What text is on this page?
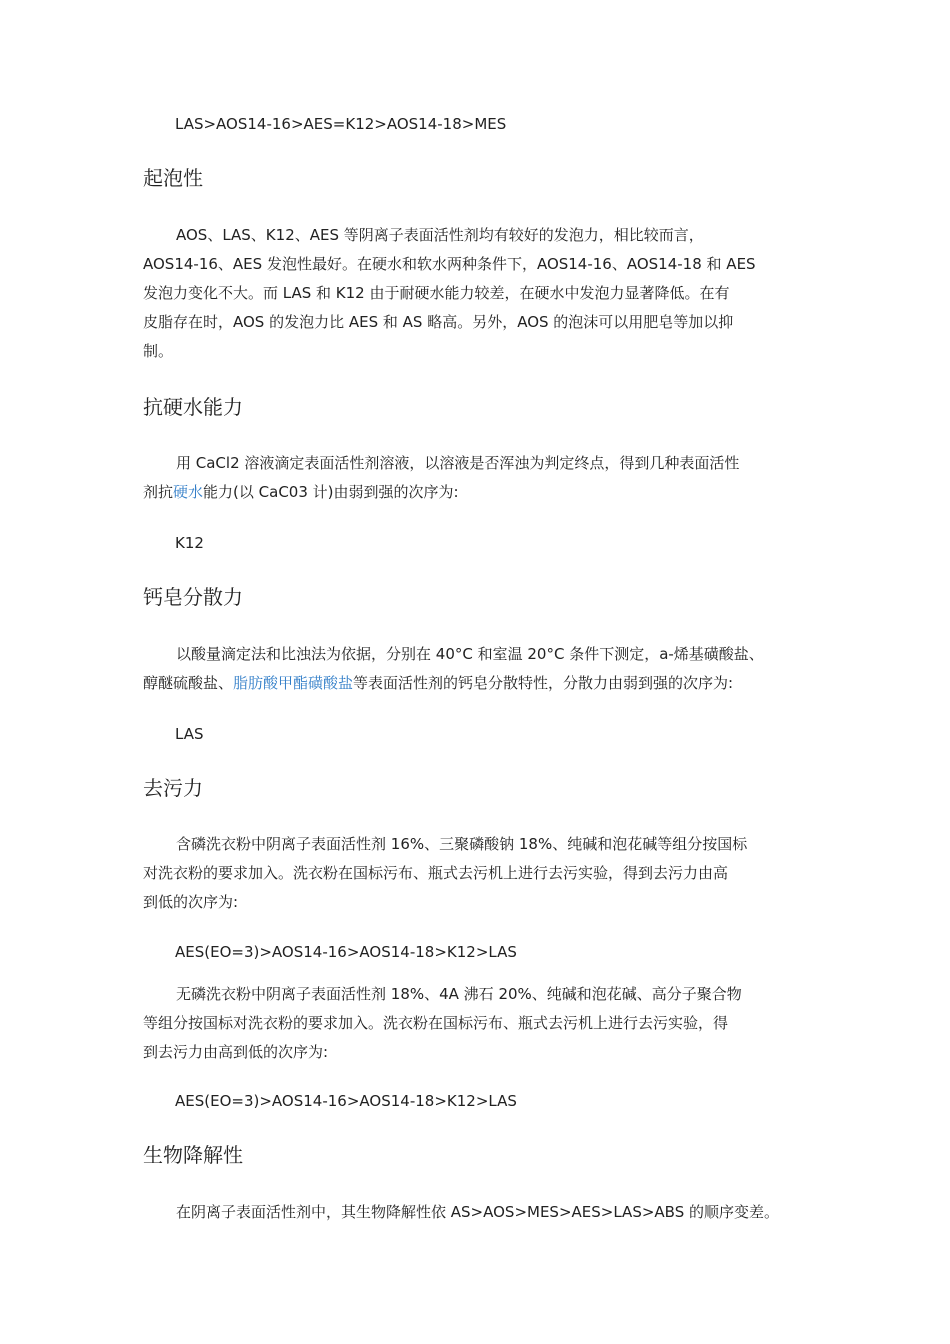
LAS>AOS14-16>AES=K12>AOS14-18>MES
起泡性
AOS、LAS、K12、AES 等阴离子表面活性剂均有较好的发泡力，相比较而言，
AOS14-16、AES 发泡性最好。在硬水和软水两种条件下，AOS14-16、AOS14-18 和 AES
发泡力变化不大。而 LAS 和 K12 由于耐硬水能力较差，在硬水中发泡力显著降低。在有
皮脂存在时，AOS 的发泡力比 AES 和 AS 略高。另外，AOS 的泡沫可以用肥皂等加以抑
制。
抗硬水能力
用 CaCl2 溶液滴定表面活性剂溶液，以溶液是否浑浊为判定终点，得到几种表面活性
剂抗硬水能力(以 CaC03 计)由弱到强的次序为:
K12
钙皂分散力
以酸量滴定法和比浊法为依据，分别在 40°C 和室温 20°C 条件下测定，a-烯基磺酸盐、
醇醚硫酸盐、脂肪酸甲酯磺酸盐等表面活性剂的钙皂分散特性，分散力由弱到强的次序为:
LAS
去污力
含磷洗衣粉中阴离子表面活性剂 16%、三聚磷酸钠 18%、纯碱和泡花碱等组分按国标
对洗衣粉的要求加入。洗衣粉在国标污布、瓶式去污机上进行去污实验，得到去污力由高
到低的次序为:
AES(EO=3)>AOS14-16>AOS14-18>K12>LAS
无磷洗衣粉中阴离子表面活性剂 18%、4A 沸石 20%、纯碱和泡花碱、高分子聚合物
等组分按国标对洗衣粉的要求加入。洗衣粉在国标污布、瓶式去污机上进行去污实验，得
到去污力由高到低的次序为:
AES(EO=3)>AOS14-16>AOS14-18>K12>LAS
生物降解性
在阴离子表面活性剂中，其生物降解性依 AS>AOS>MES>AES>LAS>ABS 的顺序变差。
